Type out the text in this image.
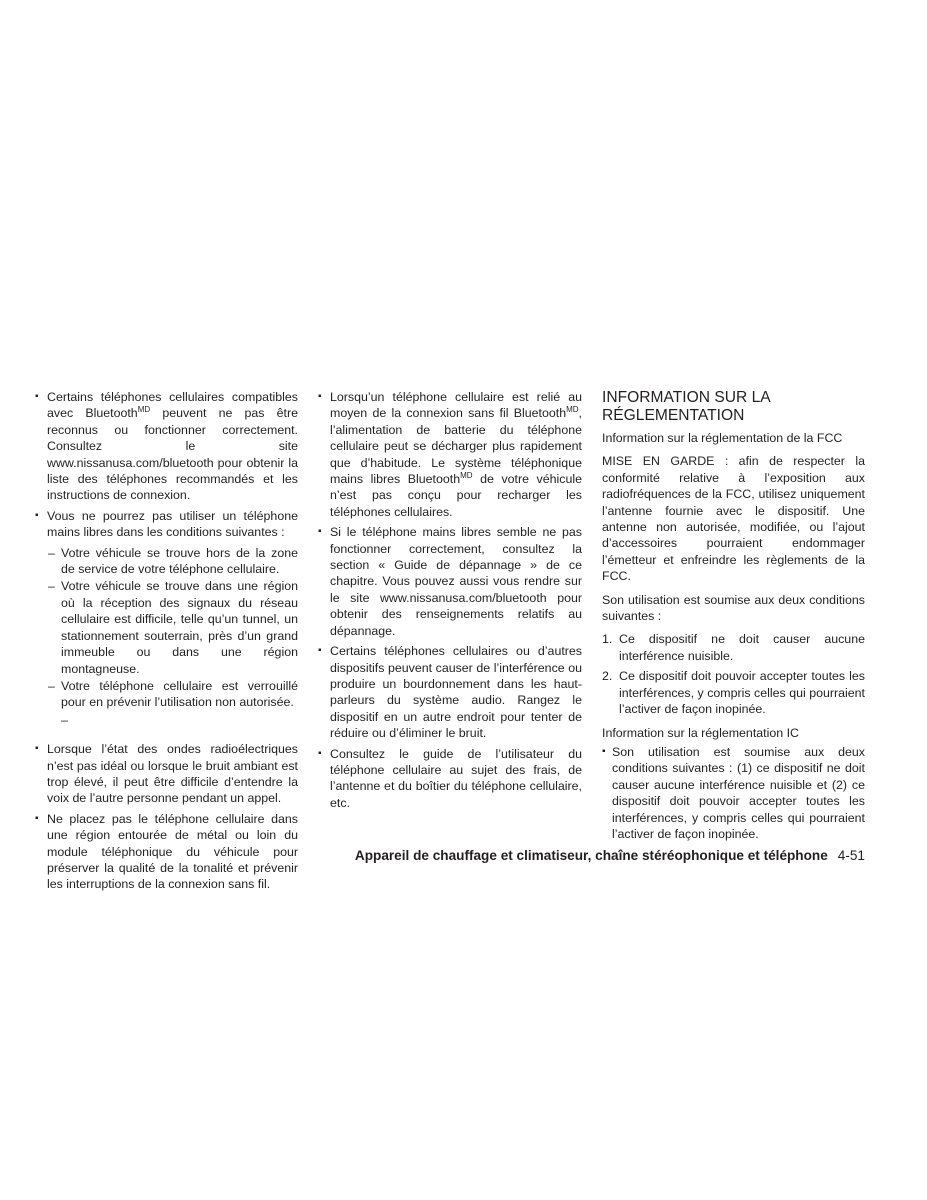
▪ Certains téléphones cellulaires compatibles avec Bluetooth$^{MD}$ peuvent ne pas être reconnus ou fonctionner correctement. Consultez le site www.nissanusa.com/bluetooth pour obtenir la liste des téléphones recommandés et les instructions de connexion.

▪ Vous ne pourrez pas utiliser un téléphone mains libres dans les conditions suivantes :

– Votre véhicule se trouve hors de la zone de service de votre téléphone cellulaire.

– Votre véhicule se trouve dans une région où la réception des signaux du réseau cellulaire est difficile, telle qu’un tunnel, un stationnement souterrain, près d’un grand immeuble ou dans une région montagneuse.

– Votre téléphone cellulaire est verrouillé pour en prévenir l’utilisation non autorisée.

–

▪ Lorsque l’état des ondes radioélectriques n’est pas idéal ou lorsque le bruit ambiant est trop élevé, il peut être difficile d’entendre la voix de l’autre personne pendant un appel.

▪ Ne placez pas le téléphone cellulaire dans une région entourée de métal ou loin du module téléphonique du véhicule pour préserver la qualité de la tonalité et prévenir les interruptions de la connexion sans fil.

▪ Lorsqu’un téléphone cellulaire est relié au moyen de la connexion sans fil Bluetooth$^{MD}$, l’alimentation de batterie du téléphone cellulaire peut se décharger plus rapidement que d’habitude. Le système téléphonique mains libres Bluetooth$^{MD}$ de votre véhicule n’est pas conçu pour recharger les téléphones cellulaires.

▪ Si le téléphone mains libres semble ne pas fonctionner correctement, consultez la section « Guide de dépannage » de ce chapitre. Vous pouvez aussi vous rendre sur le site www.nissanusa.com/bluetooth pour obtenir des renseignements relatifs au dépannage.

▪ Certains téléphones cellulaires ou d’autres dispositifs peuvent causer de l’interférence ou produire un bourdonnement dans les haut-parleurs du système audio. Rangez le dispositif en un autre endroit pour tenter de réduire ou d’éliminer le bruit.

▪ Consultez le guide de l’utilisateur du téléphone cellulaire au sujet des frais, de l’antenne et du boîtier du téléphone cellulaire, etc.

INFORMATION SUR LA RÉGLEMENTATION

Information sur la réglementation de la FCC

MISE EN GARDE : afin de respecter la conformité relative à l’exposition aux radiofréquences de la FCC, utilisez uniquement l’antenne fournie avec le dispositif. Une antenne non autorisée, modifiée, ou l’ajout d’accessoires pourraient endommager l’émetteur et enfreindre les règlements de la FCC.

Son utilisation est soumise aux deux conditions suivantes :

1. Ce dispositif ne doit causer aucune interférence nuisible.
2. Ce dispositif doit pouvoir accepter toutes les interférences, y compris celles qui pourraient l’activer de façon inopinée.

Information sur la réglementation IC

▪ Son utilisation est soumise aux deux conditions suivantes : (1) ce dispositif ne doit causer aucune interférence nuisible et (2) ce dispositif doit pouvoir accepter toutes les interférences, y compris celles qui pourraient l’activer de façon inopinée.

Appareil de chauffage et climatiseur, chaîne stéréophonique et téléphone 4-51
